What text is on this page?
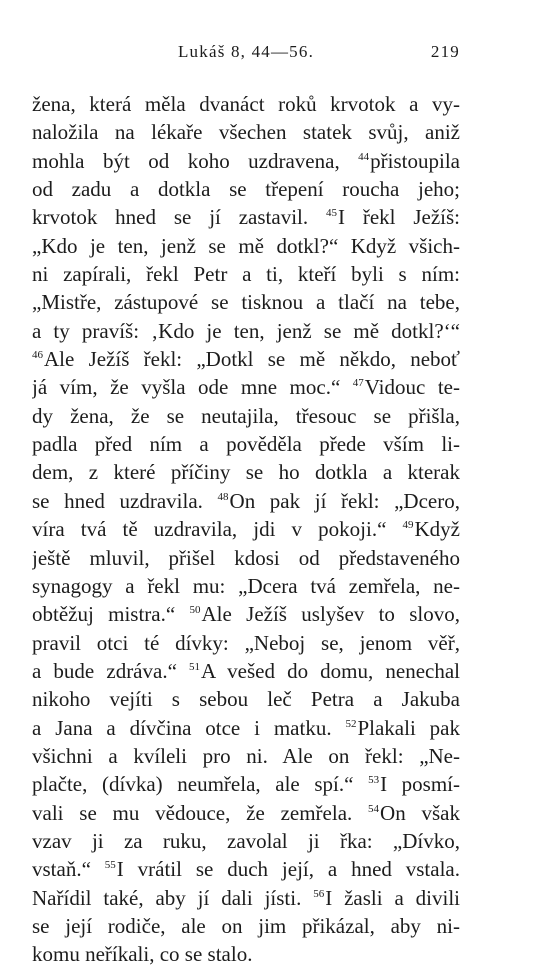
Lukáš 8, 44—56.	219
žena, která měla dvanáct roků krvotok a vy-
naložila na lékaře všechen statek svůj, aniž
mohla být od koho uzdravena, $^{44}$přistoupila
od zadu a dotkla se třepení roucha jeho;
krvotok hned se jí zastavil. $^{45}$I řekl Ježíš:
„Kdo je ten, jenž se mě dotkl?“ Když všich-
ni zapírali, řekl Petr a ti, kteří byli s ním:
„Mistře, zástupové se tisknou a tlačí na tebe,
a ty pravíš: ‚Kdo je ten, jenž se mě dotkl?‘“
$^{46}$Ale Ježíš řekl: „Dotkl se mě někdo, neboť
já vím, že vyšla ode mne moc.“ $^{47}$Vidouc te-
dy žena, že se neutajila, třesouc se přišla,
padla před ním a pověděla přede vším li-
dem, z které příčiny se ho dotkla a kterak
se hned uzdravila. $^{48}$On pak jí řekl: „Dcero,
víra tvá tě uzdravila, jdi v pokoji.“ $^{49}$Když
ještě mluvil, přišel kdosi od představeného
synagogy a řekl mu: „Dcera tvá zemřela, ne-
obtěžuj mistra.“ $^{50}$Ale Ježíš uslyšev to slovo,
pravil otci té dívky: „Neboj se, jenom věř,
a bude zdráva.“ $^{51}$A vešed do domu, nenechal
nikoho vejíti s sebou leč Petra a Jakuba
a Jana a dívčina otce i matku. $^{52}$Plakali pak
všichni a kvíleli pro ni. Ale on řekl: „Ne-
plačte, (dívka) neumřela, ale spí.“ $^{53}$I posmí-
vali se mu vědouce, že zemřela. $^{54}$On však
vzav ji za ruku, zavolal ji řka: „Dívko,
vstaň.“ $^{55}$I vrátil se duch její, a hned vstala.
Nařídil také, aby jí dali jísti. $^{56}$I žasli a divili
se její rodiče, ale on jim přikázal, aby ni-
komu neříkali, co se stalo.
